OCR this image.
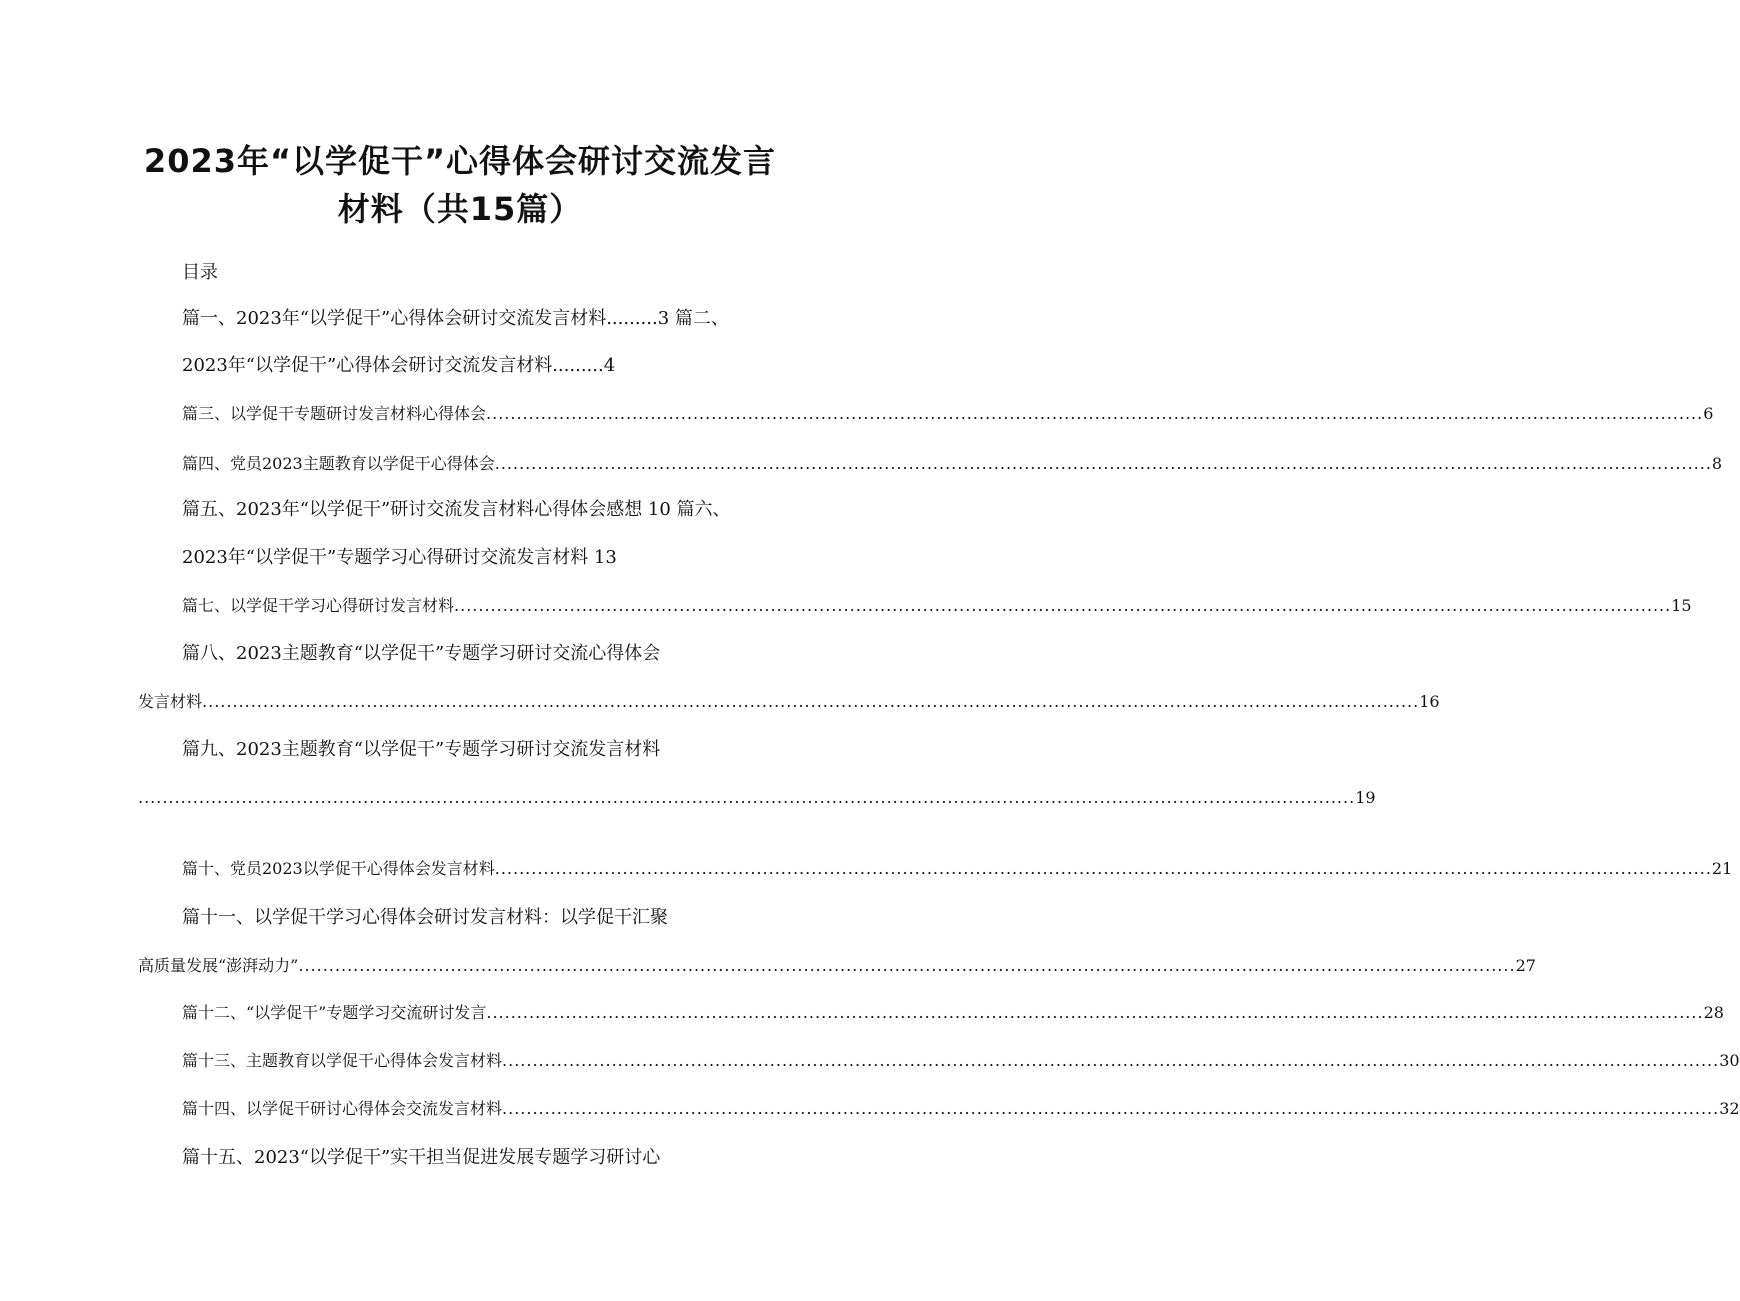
2023年“以学促干”心得体会研讨交流发言
材料（共15篇）
目录
篇一、2023年“以学促干”心得体会研讨交流发言材料.........3 篇二、
2023年“以学促干”心得体会研讨交流发言材料.........4
篇三、以学促干专题研讨发言材料心得体会 ........................................................................................................................................................................................................ 6
篇四、党员2023主题教育以学促干心得体会 ........................................................................................................................................................................................................ 8
篇五、2023年“以学促干”研讨交流发言材料心得体会感想 10 篇六、
2023年“以学促干”专题学习心得研讨交流发言材料 13
篇七、以学促干学习心得研讨发言材料 ........................................................................................................................................................................................................ 15
篇八、2023主题教育“以学促干”专题学习研讨交流心得体会
发言材料 ........................................................................................................................................................................................................ 16
篇九、2023主题教育“以学促干”专题学习研讨交流发言材料
........................................................................................................................................................................................................ 19
篇十、党员2023以学促干心得体会发言材料 ........................................................................................................................................................................................................ 21
篇十一、以学促干学习心得体会研讨发言材料：以学促干汇聚
高质量发展“澎湃动力” ........................................................................................................................................................................................................ 27
篇十二、“以学促干”专题学习交流研讨发言 ........................................................................................................................................................................................................ 28
篇十三、主题教育以学促干心得体会发言材料 ........................................................................................................................................................................................................ 30
篇十四、以学促干研讨心得体会交流发言材料 ........................................................................................................................................................................................................ 32
篇十五、2023“以学促干”实干担当促进发展专题学习研讨心
